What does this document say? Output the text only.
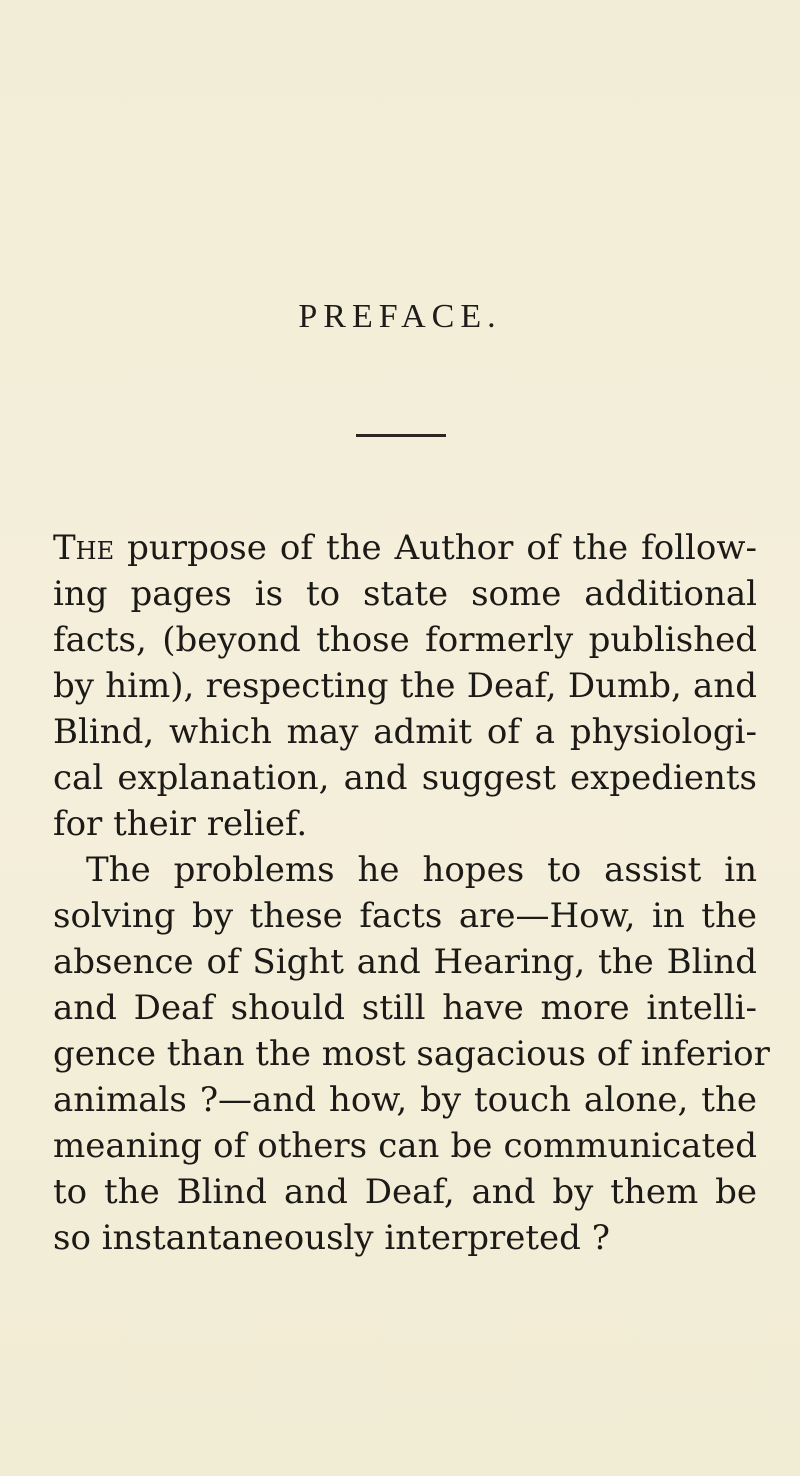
PREFACE.
The purpose of the Author of the follow-
ing pages is to state some additional
facts, (beyond those formerly published
by him), respecting the Deaf, Dumb, and
Blind, which may admit of a physiologi-
cal explanation, and suggest expedients
for their relief.
The problems he hopes to assist in
solving by these facts are—How, in the
absence of Sight and Hearing, the Blind
and Deaf should still have more intelli-
gence than the most sagacious of inferior
animals ?—and how, by touch alone, the
meaning of others can be communicated
to the Blind and Deaf, and by them be
so instantaneously interpreted ?
